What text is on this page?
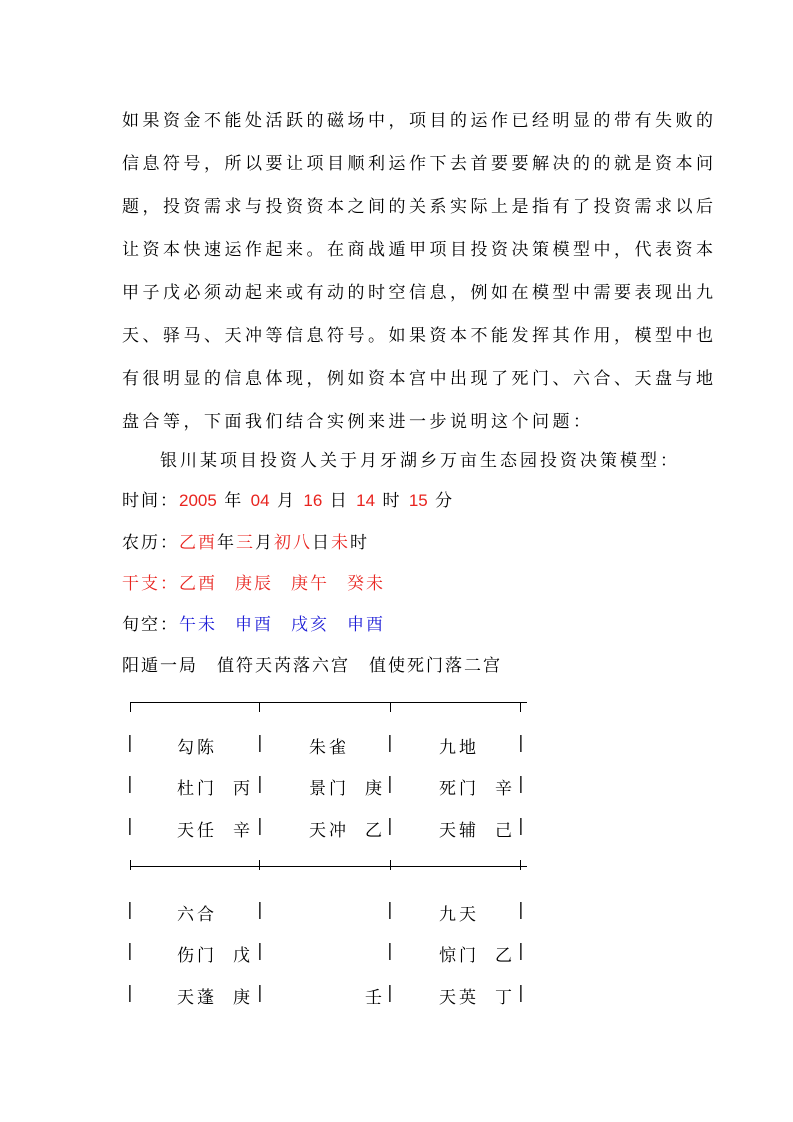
如果资金不能处活跃的磁场中，项目的运作已经明显的带有失败的
信息符号，所以要让项目顺利运作下去首要要解决的的就是资本问
题，投资需求与投资资本之间的关系实际上是指有了投资需求以后
让资本快速运作起来。在商战遁甲项目投资决策模型中，代表资本
甲子戊必须动起来或有动的时空信息，例如在模型中需要表现出九
天、驿马、天冲等信息符号。如果资本不能发挥其作用，模型中也
有很明显的信息体现，例如资本宫中出现了死门、六合、天盘与地
盘合等，下面我们结合实例来进一步说明这个问题：
银川某项目投资人关于月牙湖乡万亩生态园投资决策模型：
时间：2005 年 04 月 16 日 14 时 15 分
农历：乙酉年三月初八日未时
干支：乙酉 庚辰 庚午 癸未
旬空：午未 申酉 戌亥 申酉
阳遁一局　值符天芮落六宫　值使死门落二宫
|	勾陈 |	朱雀 |	九地 |
|	杜门 丙 |	景门 庚 |	死门 辛 |
|	天任 辛 |	天冲 乙 |	天辅 己 |
|	六合 |	|	九天 |
|	伤门 戊 |	|	惊门 乙 |
|	天蓬 庚 |	壬 |	天英 丁 |
